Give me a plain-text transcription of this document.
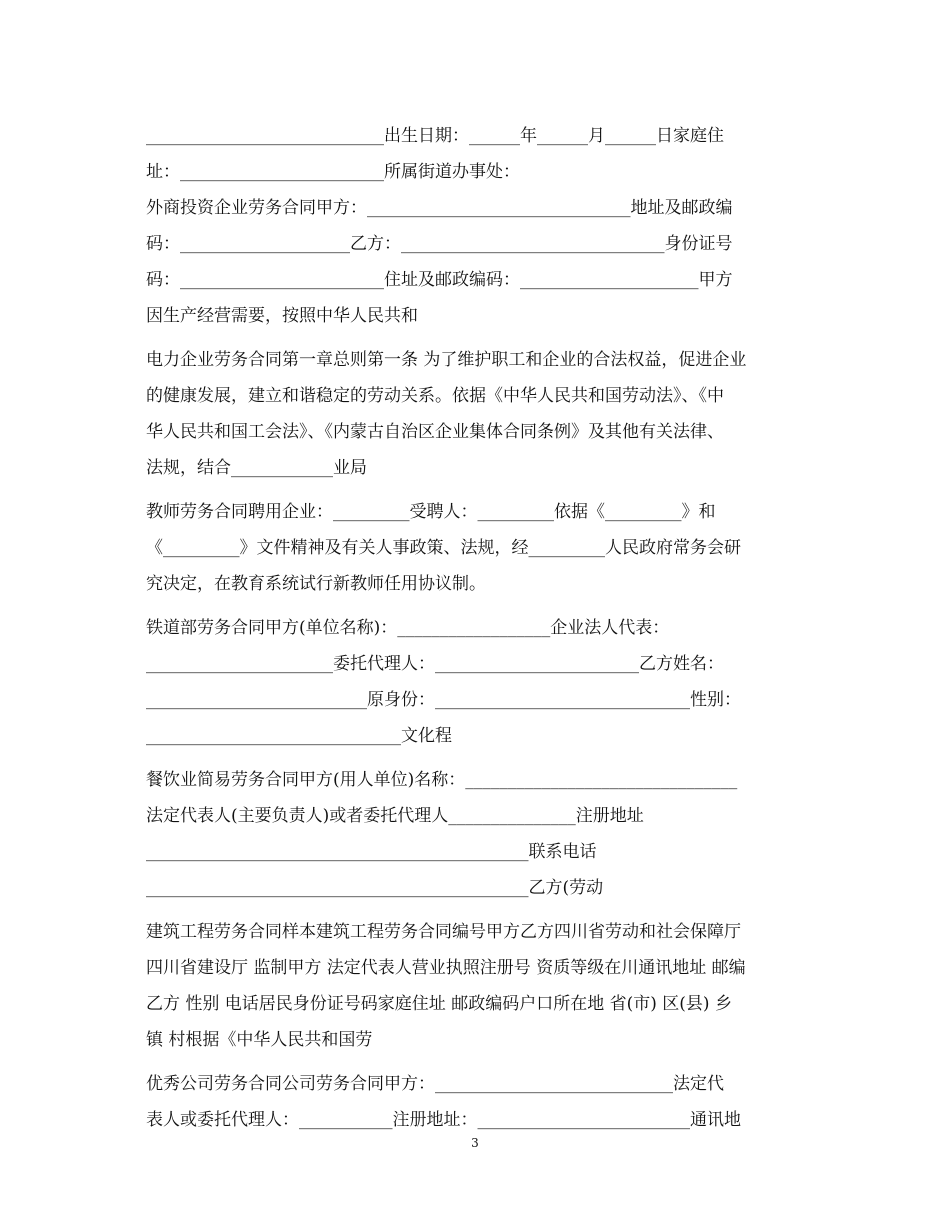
____________________________出生日期：______年______月______日家庭住
址：________________________所属街道办事处：
外商投资企业劳务合同甲方：_______________________________地址及邮政编
码：____________________乙方：_______________________________身份证号
码：________________________住址及邮政编码：_____________________甲方
因生产经营需要，按照中华人民共和
电力企业劳务合同第一章总则第一条 为了维护职工和企业的合法权益，促进企业
的健康发展，建立和谐稳定的劳动关系。依据《中华人民共和国劳动法》、《中
华人民共和国工会法》、《内蒙古自治区企业集体合同条例》及其他有关法律、
法规，结合____________业局
教师劳务合同聘用企业：_________受聘人：_________依据《_________》和
《_________》文件精神及有关人事政策、法规，经_________人民政府常务会研
究决定，在教育系统试行新教师任用协议制。
铁道部劳务合同甲方(单位名称)：__________________企业法人代表：
______________________委托代理人：________________________乙方姓名：
__________________________原身份：______________________________性别：
______________________________文化程
餐饮业简易劳务合同甲方(用人单位)名称：________________________________
法定代表人(主要负责人)或者委托代理人_______________注册地址
_____________________________________________联系电话
_____________________________________________乙方(劳动
建筑工程劳务合同样本建筑工程劳务合同编号甲方乙方四川省劳动和社会保障厅
四川省建设厅 监制甲方 法定代表人营业执照注册号 资质等级在川通讯地址 邮编
乙方 性别 电话居民身份证号码家庭住址 邮政编码户口所在地 省(市) 区(县) 乡
镇 村根据《中华人民共和国劳
优秀公司劳务合同公司劳务合同甲方：____________________________法定代
表人或委托代理人：___________注册地址：_________________________通讯地
3
